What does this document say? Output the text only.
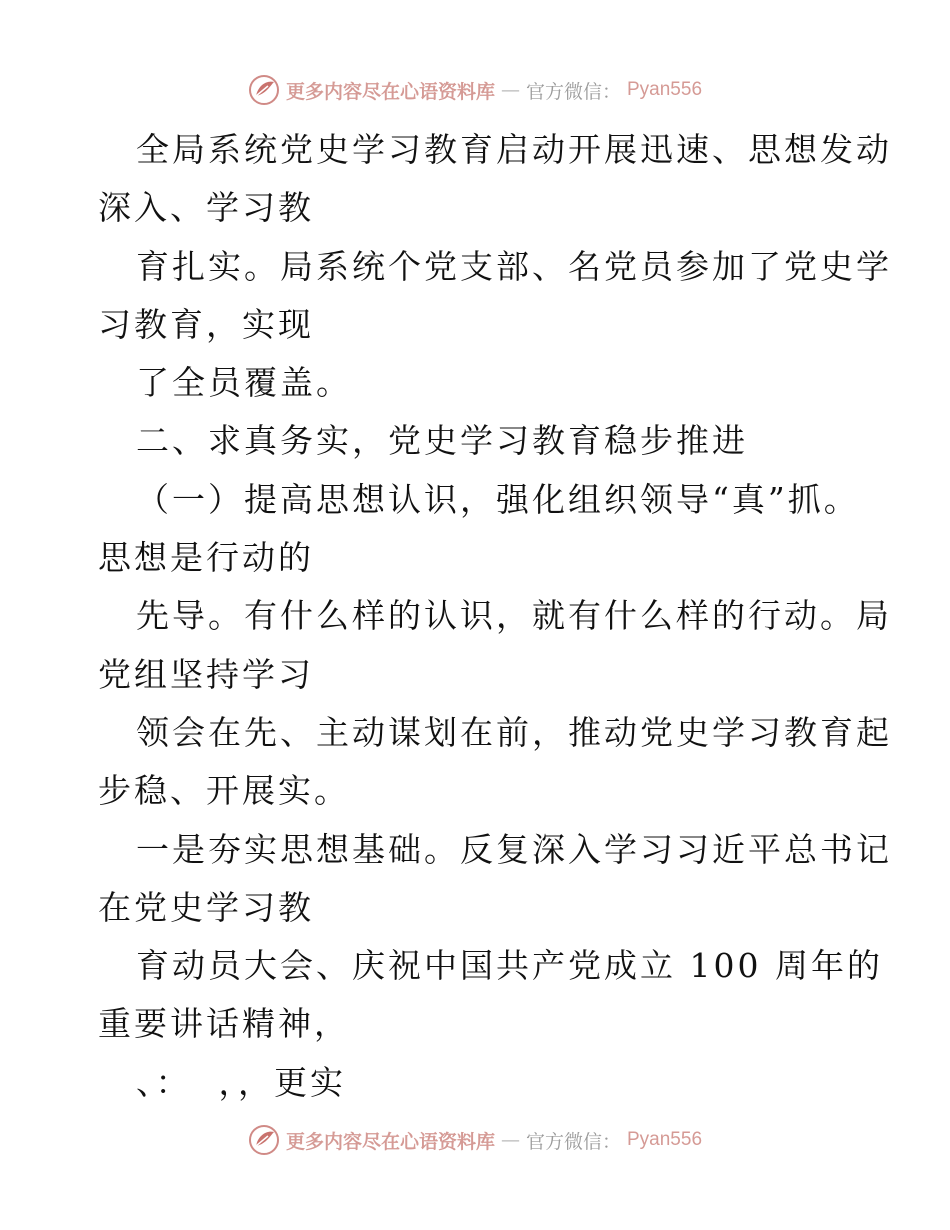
更多内容尽在心语资料库 — 官方微信： Pyan556
全局系统党史学习教育启动开展迅速、思想发动
深入、学习教
育扎实。局系统个党支部、名党员参加了党史学
习教育，实现
了全员覆盖。
二、求真务实，党史学习教育稳步推进
（一）提高思想认识，强化组织领导“真”抓。
思想是行动的
先导。有什么样的认识，就有什么样的行动。局
党组坚持学习
领会在先、主动谋划在前，推动党史学习教育起
步稳、开展实。
一是夯实思想基础。反复深入学习习近平总书记
在党史学习教
育动员大会、庆祝中国共产党成立 100 周年的
重要讲话精神，
、：  ，，更实
更多内容尽在心语资料库 — 官方微信： Pyan556
